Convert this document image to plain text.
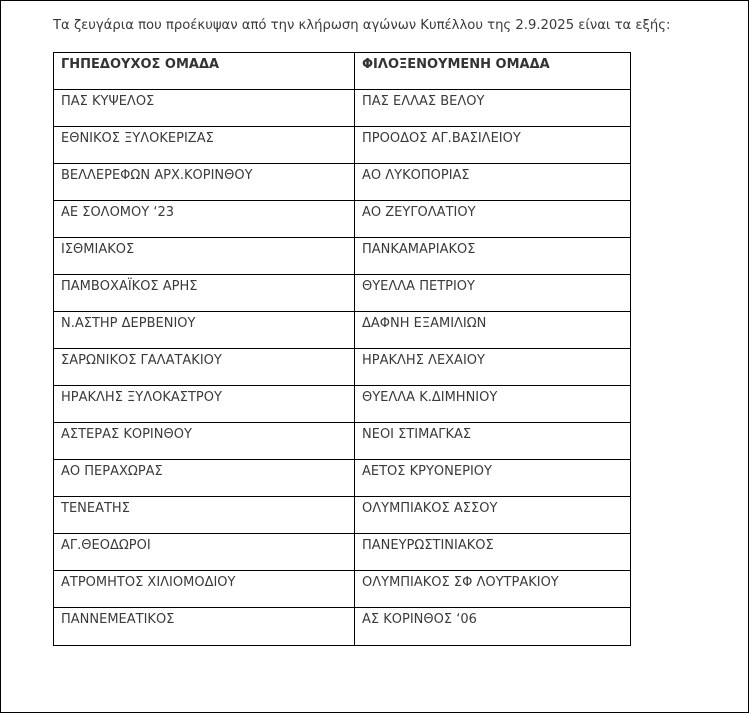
Τα ζευγάρια που προέκυψαν από την κλήρωση αγώνων Κυπέλλου της 2.9.2025 είναι τα εξής:
ΓΗΠΕΔΟΥΧΟΣ ΟΜΑΔΑ	ΦΙΛΟΞΕΝΟΥΜΕΝΗ ΟΜΑΔΑ

ΠΑΣ ΚΥΨΕΛΟΣ	ΠΑΣ ΕΛΛΑΣ ΒΕΛΟΥ

ΕΘΝΙΚΟΣ ΞΥΛΟΚΕΡΙΖΑΣ	ΠΡΟΟΔΟΣ ΑΓ.ΒΑΣΙΛΕΙΟΥ

ΒΕΛΛΕΡΕΦΩΝ ΑΡΧ.ΚΟΡΙΝΘΟΥ	ΑΟ ΛΥΚΟΠΟΡΙΑΣ

ΑΕ ΣΟΛΟΜΟΥ ‘23	ΑΟ ΖΕΥΓΟΛΑΤΙΟΥ

ΙΣΘΜΙΑΚΟΣ	ΠΑΝΚΑΜΑΡΙΑΚΟΣ

ΠΑΜΒΟΧΑΪΚΟΣ ΑΡΗΣ	ΘΥΕΛΛΑ ΠΕΤΡΙΟΥ

Ν.ΑΣΤΗΡ ΔΕΡΒΕΝΙΟΥ	ΔΑΦΝΗ ΕΞΑΜΙΛΙΩΝ

ΣΑΡΩΝΙΚΟΣ ΓΑΛΑΤΑΚΙΟΥ	ΗΡΑΚΛΗΣ ΛΕΧΑΙΟΥ

ΗΡΑΚΛΗΣ ΞΥΛΟΚΑΣΤΡΟΥ	ΘΥΕΛΛΑ Κ.ΔΙΜΗΝΙΟΥ

ΑΣΤΕΡΑΣ ΚΟΡΙΝΘΟΥ	ΝΕΟΙ ΣΤΙΜΑΓΚΑΣ

ΑΟ ΠΕΡΑΧΩΡΑΣ	ΑΕΤΟΣ ΚΡΥΟΝΕΡΙΟΥ

ΤΕΝΕΑΤΗΣ	ΟΛΥΜΠΙΑΚΟΣ ΑΣΣΟΥ

ΑΓ.ΘΕΟΔΩΡΟΙ	ΠΑΝΕΥΡΩΣΤΙΝΙΑΚΟΣ

ΑΤΡΟΜΗΤΟΣ ΧΙΛΙΟΜΟΔΙΟΥ	ΟΛΥΜΠΙΑΚΟΣ ΣΦ ΛΟΥΤΡΑΚΙΟΥ

ΠΑΝΝΕΜΕΑΤΙΚΟΣ	ΑΣ ΚΟΡΙΝΘΟΣ ‘06
